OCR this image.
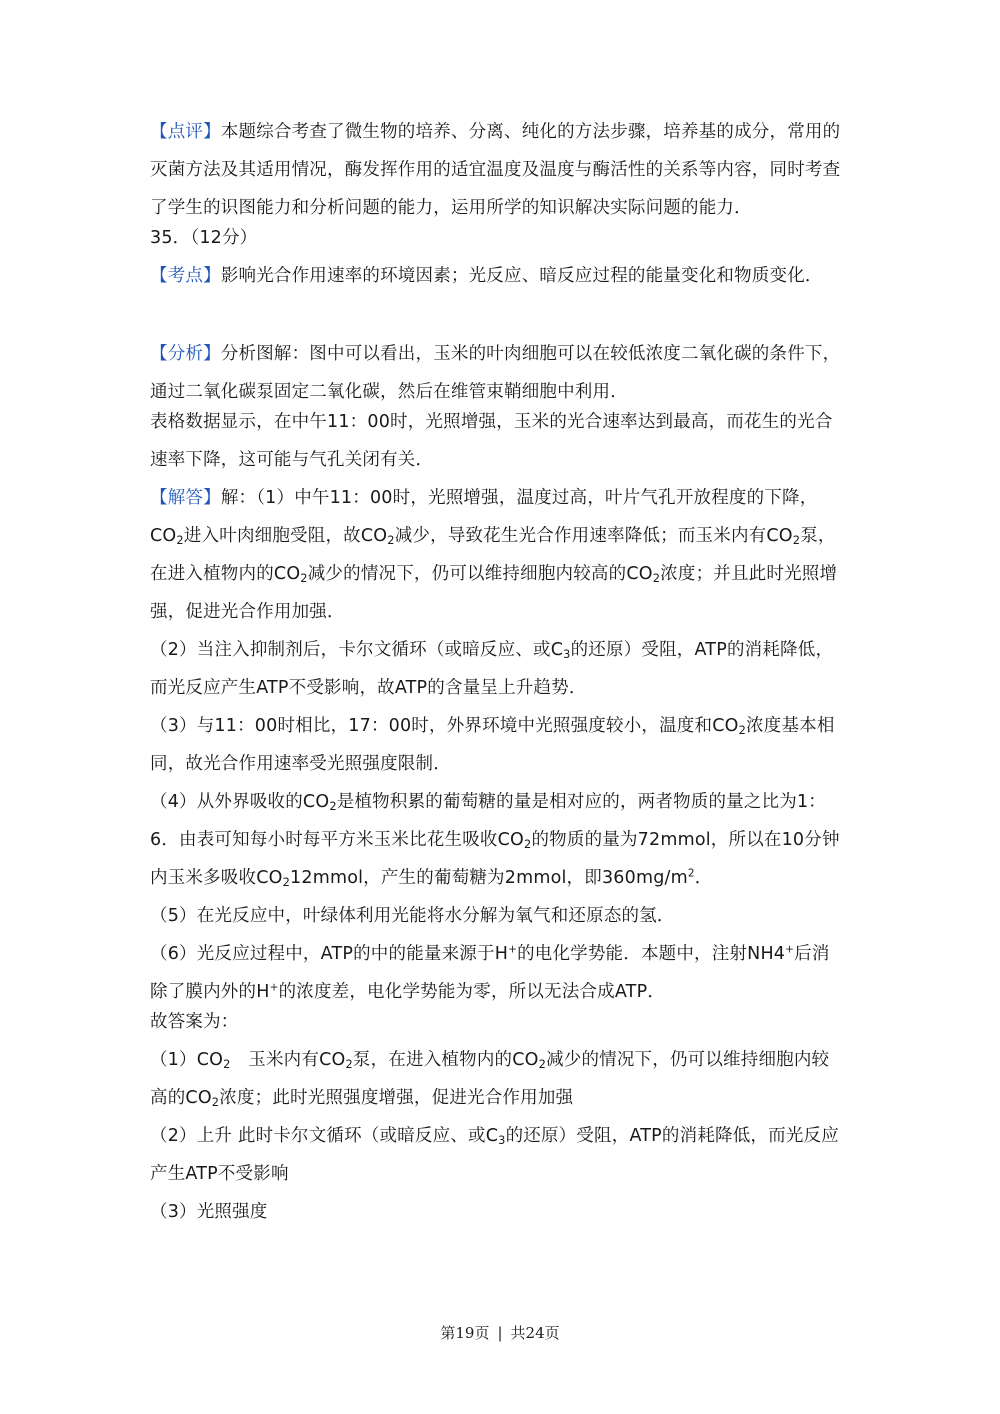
【点评】本题综合考查了微生物的培养、分离、纯化的方法步骤，培养基的成分，常用的

灭菌方法及其适用情况，酶发挥作用的适宜温度及温度与酶活性的关系等内容，同时考查

了学生的识图能力和分析问题的能力，运用所学的知识解决实际问题的能力．

35．（12分）

【考点】影响光合作用速率的环境因素；光反应、暗反应过程的能量变化和物质变化．

【分析】分析图解：图中可以看出，玉米的叶肉细胞可以在较低浓度二氧化碳的条件下，

通过二氧化碳泵固定二氧化碳，然后在维管束鞘细胞中利用．

表格数据显示，在中午11：00时，光照增强，玉米的光合速率达到最高，而花生的光合

速率下降，这可能与气孔关闭有关．

【解答】解：（1）中午11：00时，光照增强，温度过高，叶片气孔开放程度的下降，

$CO_2$进入叶肉细胞受阻，故$CO_2$减少，导致花生光合作用速率降低；而玉米内有$CO_2$泵，

在进入植物内的$CO_2$减少的情况下，仍可以维持细胞内较高的$CO_2$浓度；并且此时光照增

强，促进光合作用加强．

（2）当注入抑制剂后，卡尔文循环（或暗反应、或$C_3$的还原）受阻，ATP的消耗降低，

而光反应产生ATP不受影响，故ATP的含量呈上升趋势．

（3）与11：00时相比，17：00时，外界环境中光照强度较小，温度和$CO_2$浓度基本相

同，故光合作用速率受光照强度限制．

（4）从外界吸收的$CO_2$是植物积累的葡萄糖的量是相对应的，两者物质的量之比为1：

6．由表可知每小时每平方米玉米比花生吸收$CO_2$的物质的量为72mmol，所以在10分钟

内玉米多吸收$CO_212mmol$，产生的葡萄糖为2mmol，即$360mg/m^2$．

（5）在光反应中，叶绿体利用光能将水分解为氧气和还原态的氢．

（6）光反应过程中，ATP的中的能量来源于H+的电化学势能．本题中，注射NH4+后消

除了膜内外的H+的浓度差，电化学势能为零，所以无法合成ATP．

故答案为：

$(1)CO_2$　玉米内有$CO_2$泵，在进入植物内的$CO_2$减少的情况下，仍可以维持细胞内较

高的$CO_2$浓度；此时光照强度增强，促进光合作用加强

（2）上升 此时卡尔文循环（或暗反应、或$C_3$的还原）受阻，ATP的消耗降低，而光反应

产生ATP不受影响

（3）光照强度

第19页 | 共24页
